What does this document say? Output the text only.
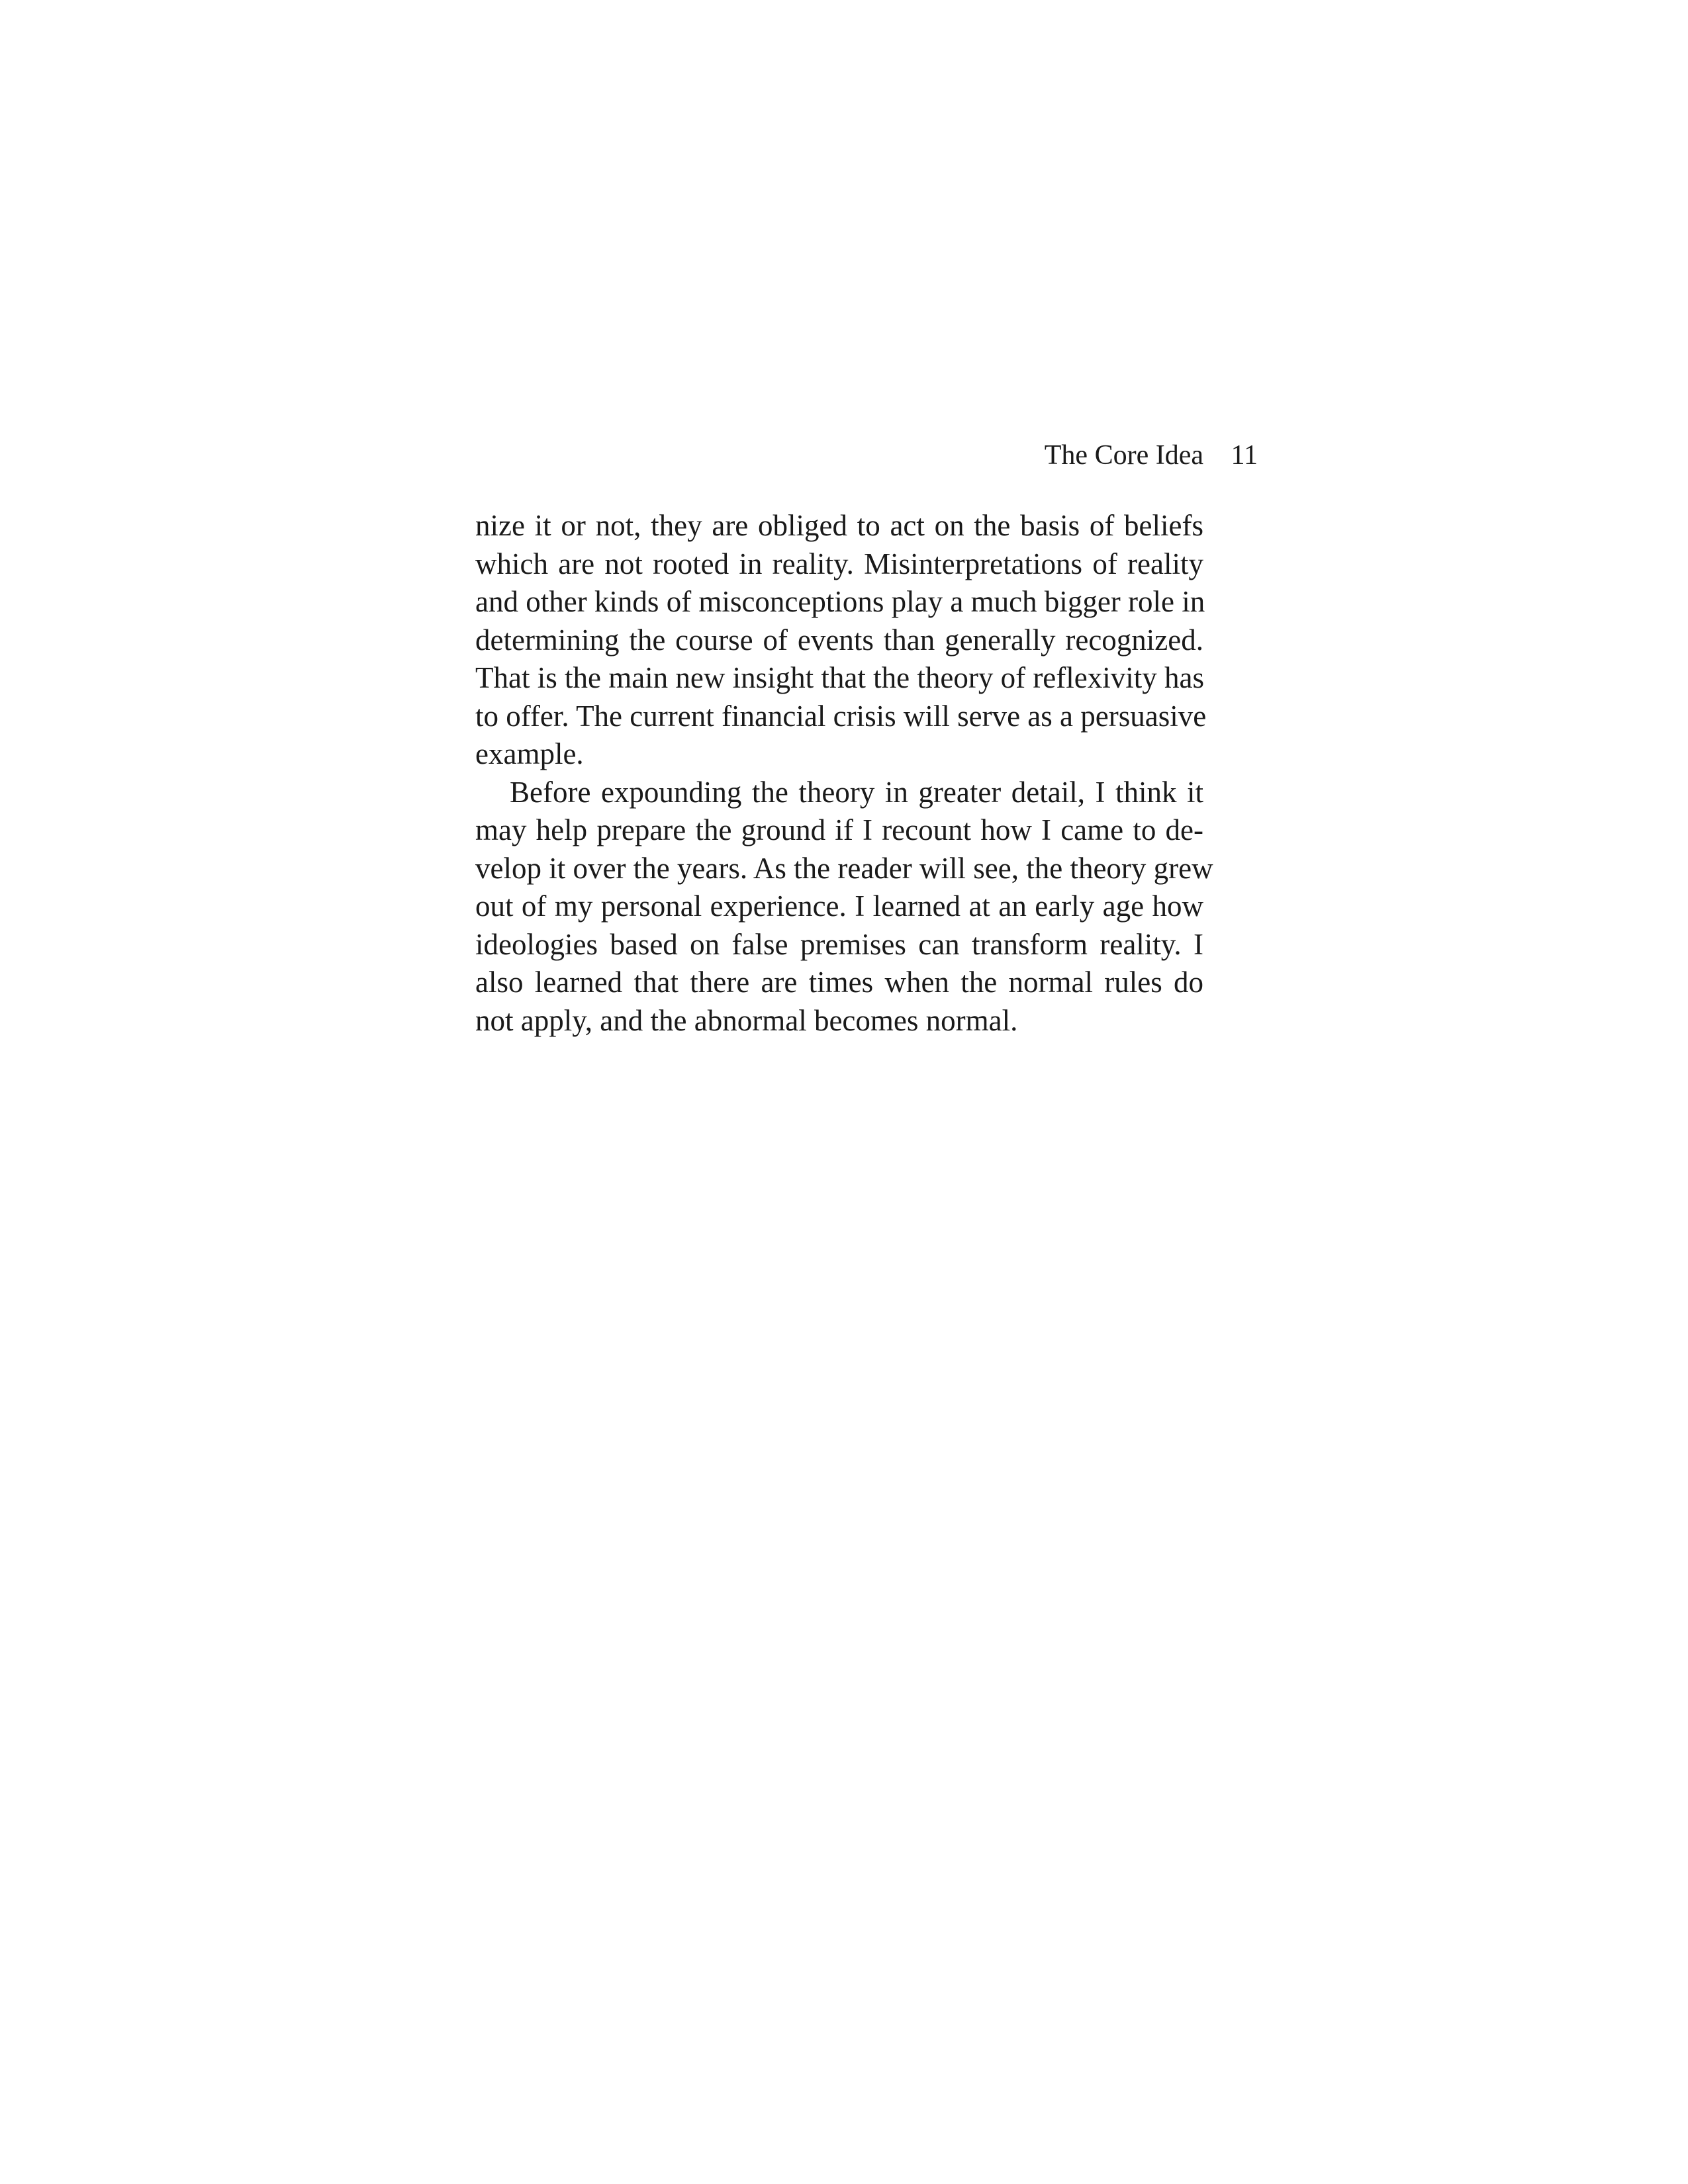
The Core Idea 11

nize it or not, they are obliged to act on the basis of beliefs
which are not rooted in reality. Misinterpretations of reality
and other kinds of misconceptions play a much bigger role in
determining the course of events than generally recognized.
That is the main new insight that the theory of reflexivity has
to offer. The current financial crisis will serve as a persuasive
example.

Before expounding the theory in greater detail, I think it
may help prepare the ground if I recount how I came to de-
velop it over the years. As the reader will see, the theory grew
out of my personal experience. I learned at an early age how
ideologies based on false premises can transform reality. I
also learned that there are times when the normal rules do
not apply, and the abnormal becomes normal.
